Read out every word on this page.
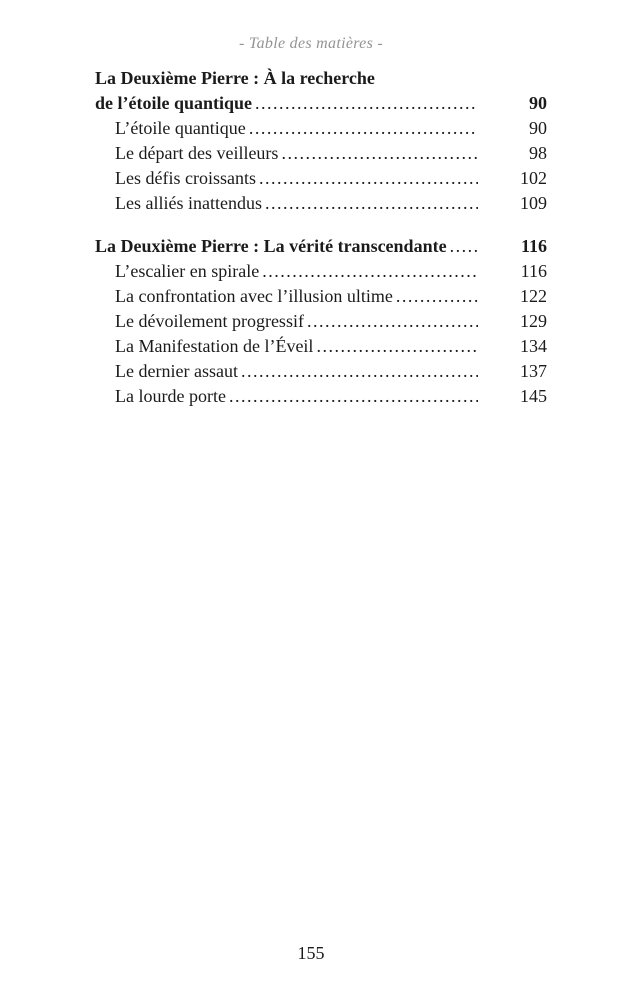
- Table des matières -
La Deuxième Pierre : À la recherche
de l’étoile quantique .....	90
L’étoile quantique .....	90
Le départ des veilleurs .....	98
Les défis croissants .....	102
Les alliés inattendus .....	109
La Deuxième Pierre : La vérité transcendante .....	116
L’escalier en spirale .....	116
La confrontation avec l’illusion ultime .....	122
Le dévoilement progressif .....	129
La Manifestation de l’Éveil .....	134
Le dernier assaut .....	137
La lourde porte .....	145
155
